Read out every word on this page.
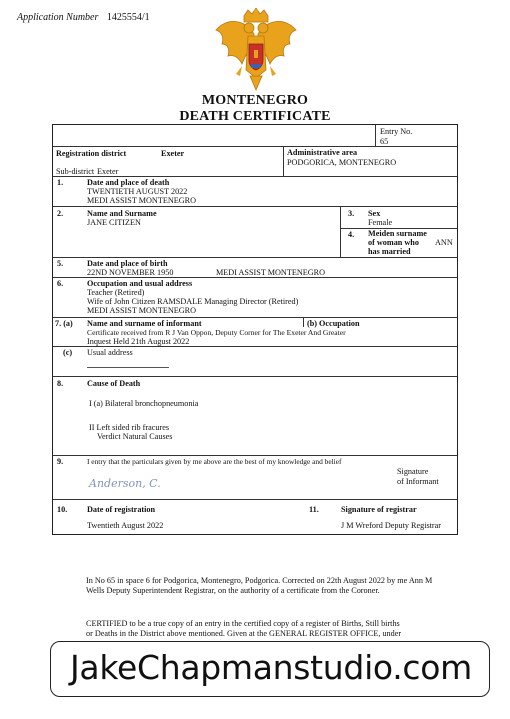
Application Number 1425554/1
MONTENEGRO
DEATH CERTIFICATE
Entry No.
65
Registration district	Exeter	Administrative area
PODGORICA, MONTENEGRO
Sub-district Exeter
1.	Date and place of death
TWENTIETH AUGUST 2022
MEDI ASSIST MONTENEGRO
2.	Name and Surname
JANE CITIZEN
3. Sex
Female
4. Meiden surname
of woman who
has married
ANN
5.	Date and place of birth
22ND NOVEMBER 1950	MEDI ASSIST MONTENEGRO
6.	Occupation and usual address
Teacher (Retired)
Wife of John Citizen RAMSDALE Managing Director (Retired)
MEDI ASSIST MONTENEGRO
7. (a) Name and surname of informant	(b) Occupation
Certificate received from R J Van Oppon, Deputy Corner for The Exeter And Greater
Inquest Held 21th August 2022
(c) Usual address
8.	Cause of Death
I (a) Bilateral bronchopneumonia
II Left sided rib fracures
Verdict Natural Causes
9.	I entry that the particulars given by me above are the best of my knowledge and belief
Signature
of Informant
Anderson, C.
10. Date of registration
Twentieth August 2022
11.	Signature of registrar
J M Wreford Deputy Registrar
In No 65 in space 6 for Podgorica, Montenegro, Podgorica. Corrected on 22th August 2022 by me Ann M
Wells Deputy Superintendent Registrar, on the authority of a certificate from the Coroner.
CERTIFIED to be a true copy of an entry in the certified copy of a register of Births, Still births
or Deaths in the District above mentioned. Given at the GENERAL REGISTER OFFICE, under
JakeChapmanstudio.com
